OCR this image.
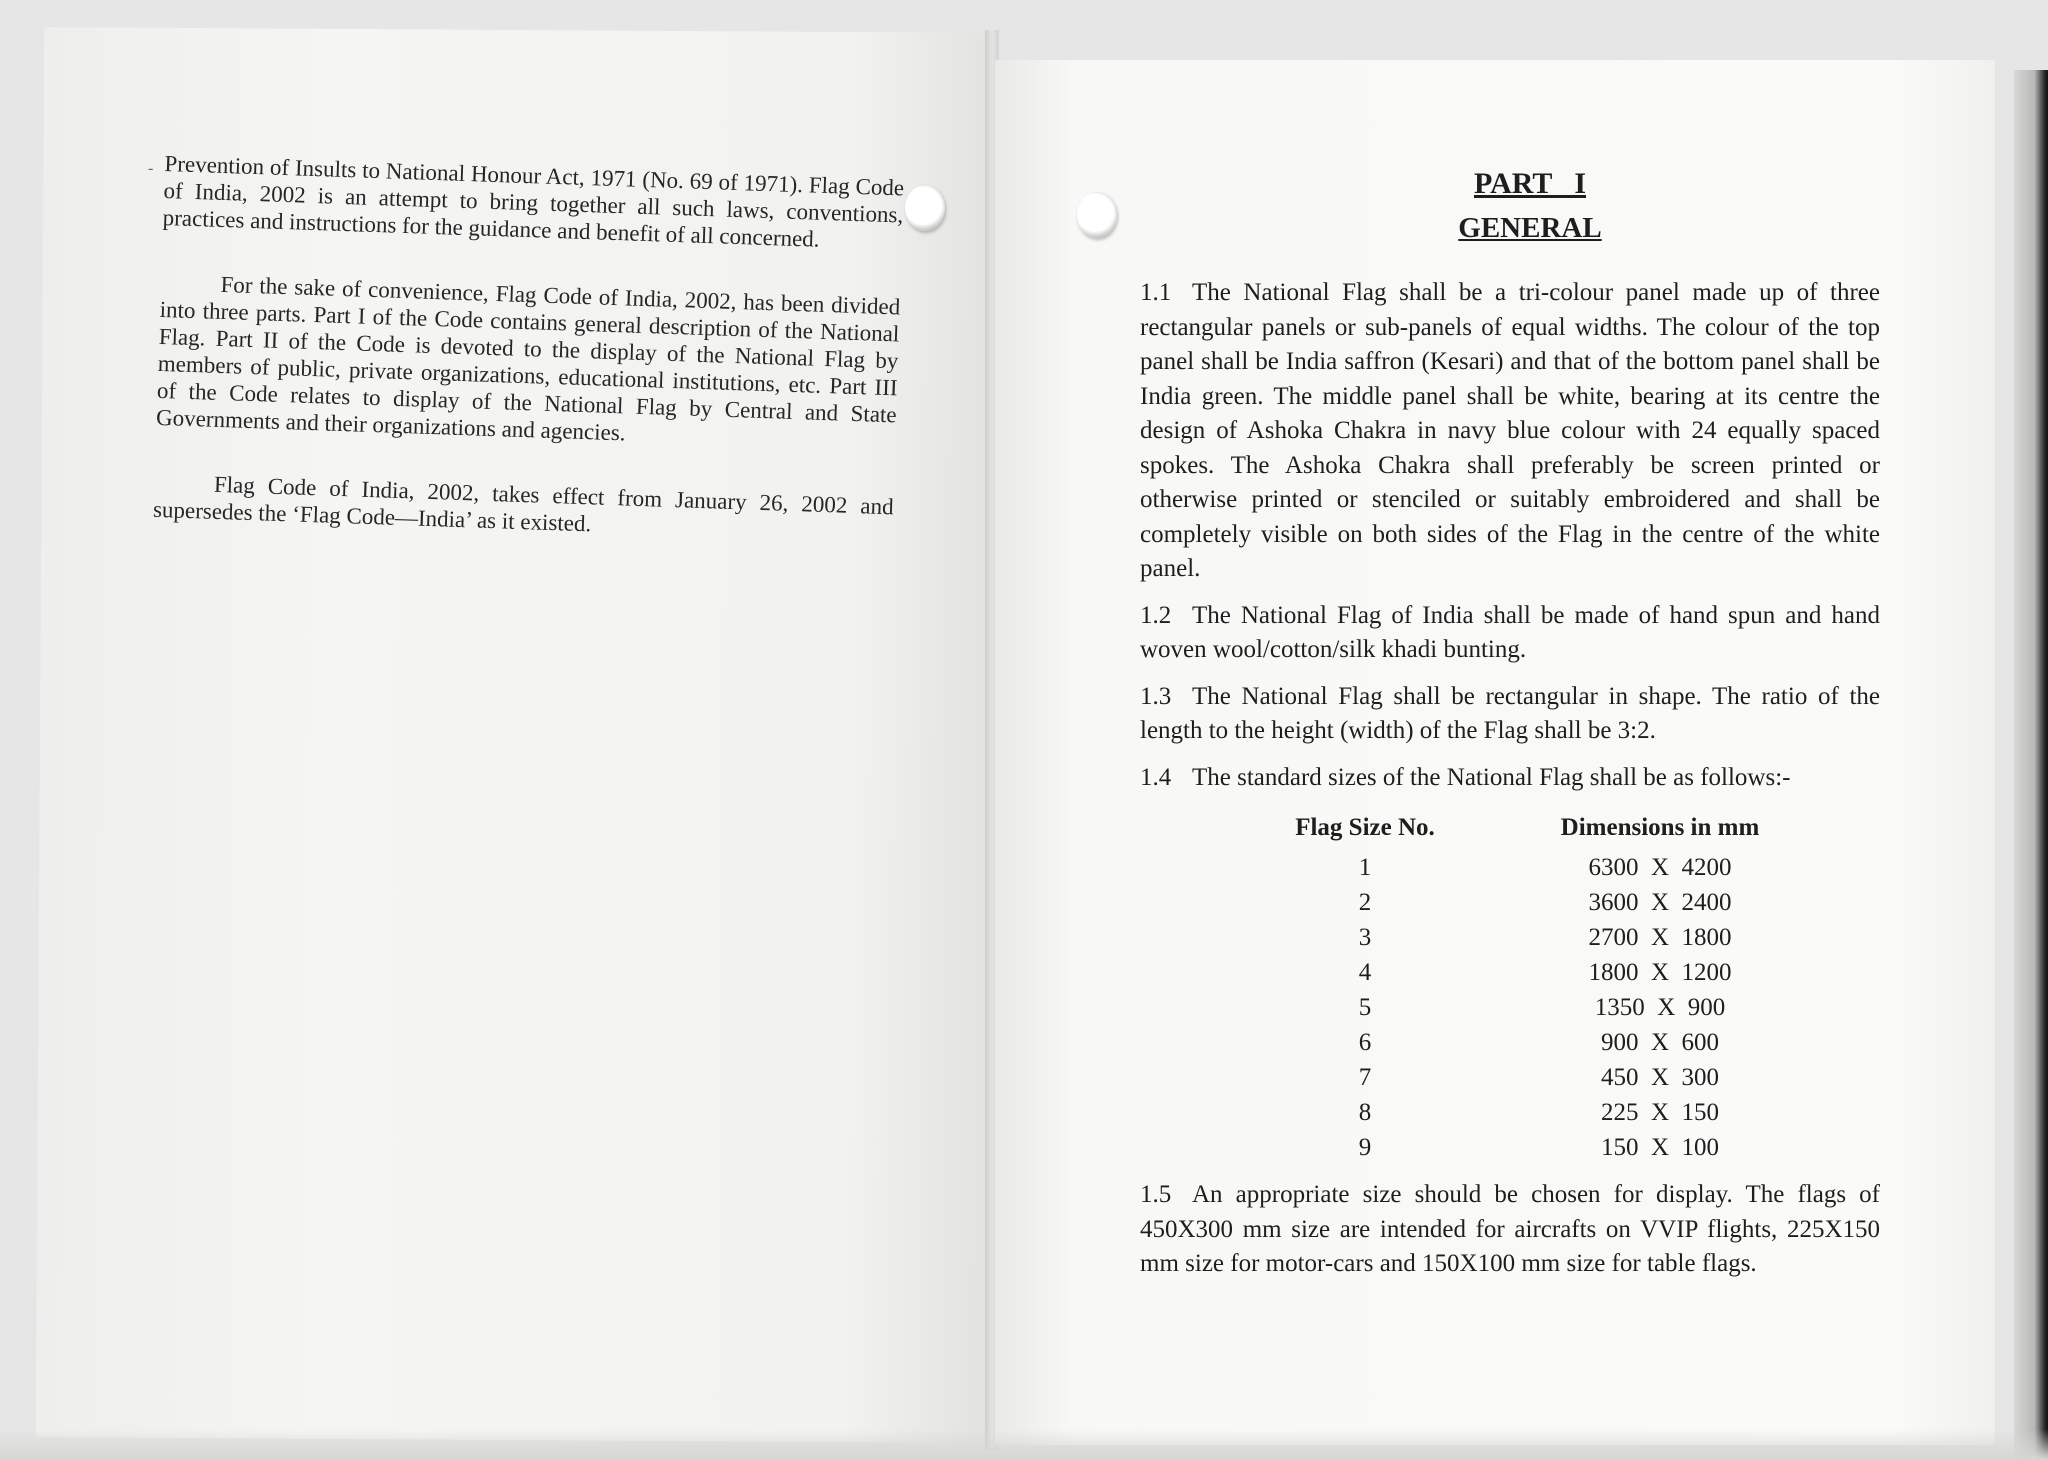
- Prevention of Insults to National Honour Act, 1971 (No. 69 of 1971). Flag Code of India, 2002 is an attempt to bring together all such laws, conventions, practices and instructions for the guidance and benefit of all concerned.

For the sake of convenience, Flag Code of India, 2002, has been divided into three parts. Part I of the Code contains general description of the National Flag. Part II of the Code is devoted to the display of the National Flag by members of public, private organizations, educational institutions, etc. Part III of the Code relates to display of the National Flag by Central and State Governments and their organizations and agencies.

Flag Code of India, 2002, takes effect from January 26, 2002 and supersedes the ‘Flag Code—India’ as it existed.

PART   I
GENERAL
1.1 The National Flag shall be a tri-colour panel made up of three rectangular panels or sub-panels of equal widths. The colour of the top panel shall be India saffron (Kesari) and that of the bottom panel shall be India green. The middle panel shall be white, bearing at its centre the design of Ashoka Chakra in navy blue colour with 24 equally spaced spokes. The Ashoka Chakra shall preferably be screen printed or otherwise printed or stenciled or suitably embroidered and shall be completely visible on both sides of the Flag in the centre of the white panel.
1.2 The National Flag of India shall be made of hand spun and hand woven wool/cotton/silk khadi bunting.
1.3 The National Flag shall be rectangular in shape. The ratio of the length to the height (width) of the Flag shall be 3:2.
1.4 The standard sizes of the National Flag shall be as follows:-
Flag Size No.	Dimensions in mm
1	6300  X  4200
2	3600  X  2400
3	2700  X  1800
4	1800  X  1200
5	1350  X  900
6	900  X  600
7	450  X  300
8	225  X  150
9	150  X  100
1.5 An appropriate size should be chosen for display. The flags of 450X300 mm size are intended for aircrafts on VVIP flights, 225X150 mm size for motor-cars and 150X100 mm size for table flags.
